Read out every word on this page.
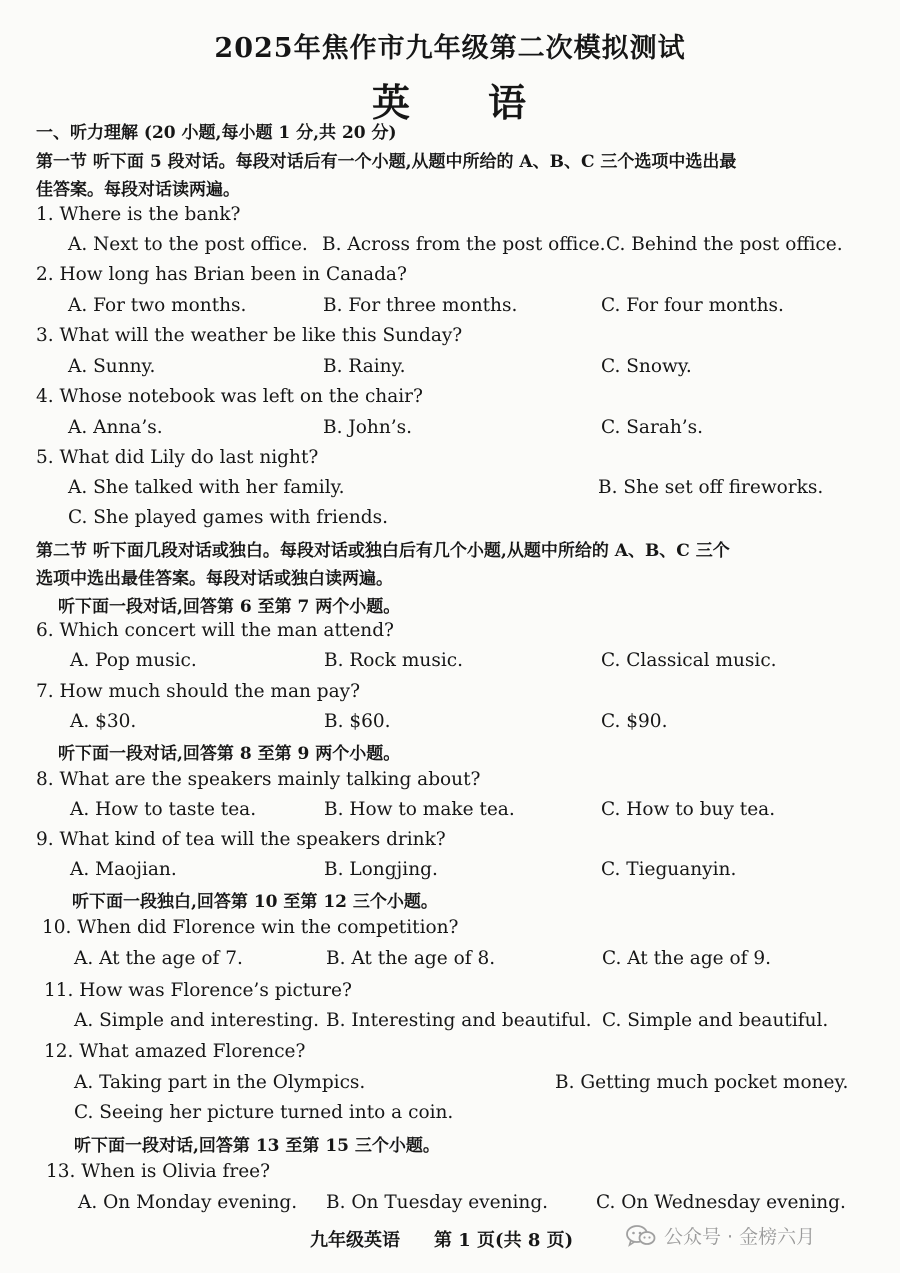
2025年焦作市九年级第二次模拟测试
英 语
一、听力理解 (20 小题,每小题 1 分,共 20 分)
第一节 听下面 5 段对话。每段对话后有一个小题,从题中所给的 A、B、C 三个选项中选出最
佳答案。每段对话读两遍。
1. Where is the bank?
A. Next to the post office. B. Across from the post office. C. Behind the post office.
2. How long has Brian been in Canada?
A. For two months.	B. For three months.	C. For four months.
3. What will the weather be like this Sunday?
A. Sunny.	B. Rainy.	C. Snowy.
4. Whose notebook was left on the chair?
A. Anna’s.	B. John’s.	C. Sarah’s.
5. What did Lily do last night?
A. She talked with her family.	B. She set off fireworks.
C. She played games with friends.
第二节 听下面几段对话或独白。每段对话或独白后有几个小题,从题中所给的 A、B、C 三个
选项中选出最佳答案。每段对话或独白读两遍。
听下面一段对话,回答第 6 至第 7 两个小题。
6. Which concert will the man attend?
A. Pop music.	B. Rock music.	C. Classical music.
7. How much should the man pay?
A. $30.	B. $60.	C. $90.
听下面一段对话,回答第 8 至第 9 两个小题。
8. What are the speakers mainly talking about?
A. How to taste tea.	B. How to make tea.	C. How to buy tea.
9. What kind of tea will the speakers drink?
A. Maojian.	B. Longjing.	C. Tieguanyin.
听下面一段独白,回答第 10 至第 12 三个小题。
10. When did Florence win the competition?
A. At the age of 7.	B. At the age of 8.	C. At the age of 9.
11. How was Florence’s picture?
A. Simple and interesting. B. Interesting and beautiful. C. Simple and beautiful.
12. What amazed Florence?
A. Taking part in the Olympics.	B. Getting much pocket money.
C. Seeing her picture turned into a coin.
听下面一段对话,回答第 13 至第 15 三个小题。
13. When is Olivia free?
A. On Monday evening. B. On Tuesday evening.	C. On Wednesday evening.
九年级英语 第 1 页(共 8 页)	公众号 · 金榜六月
